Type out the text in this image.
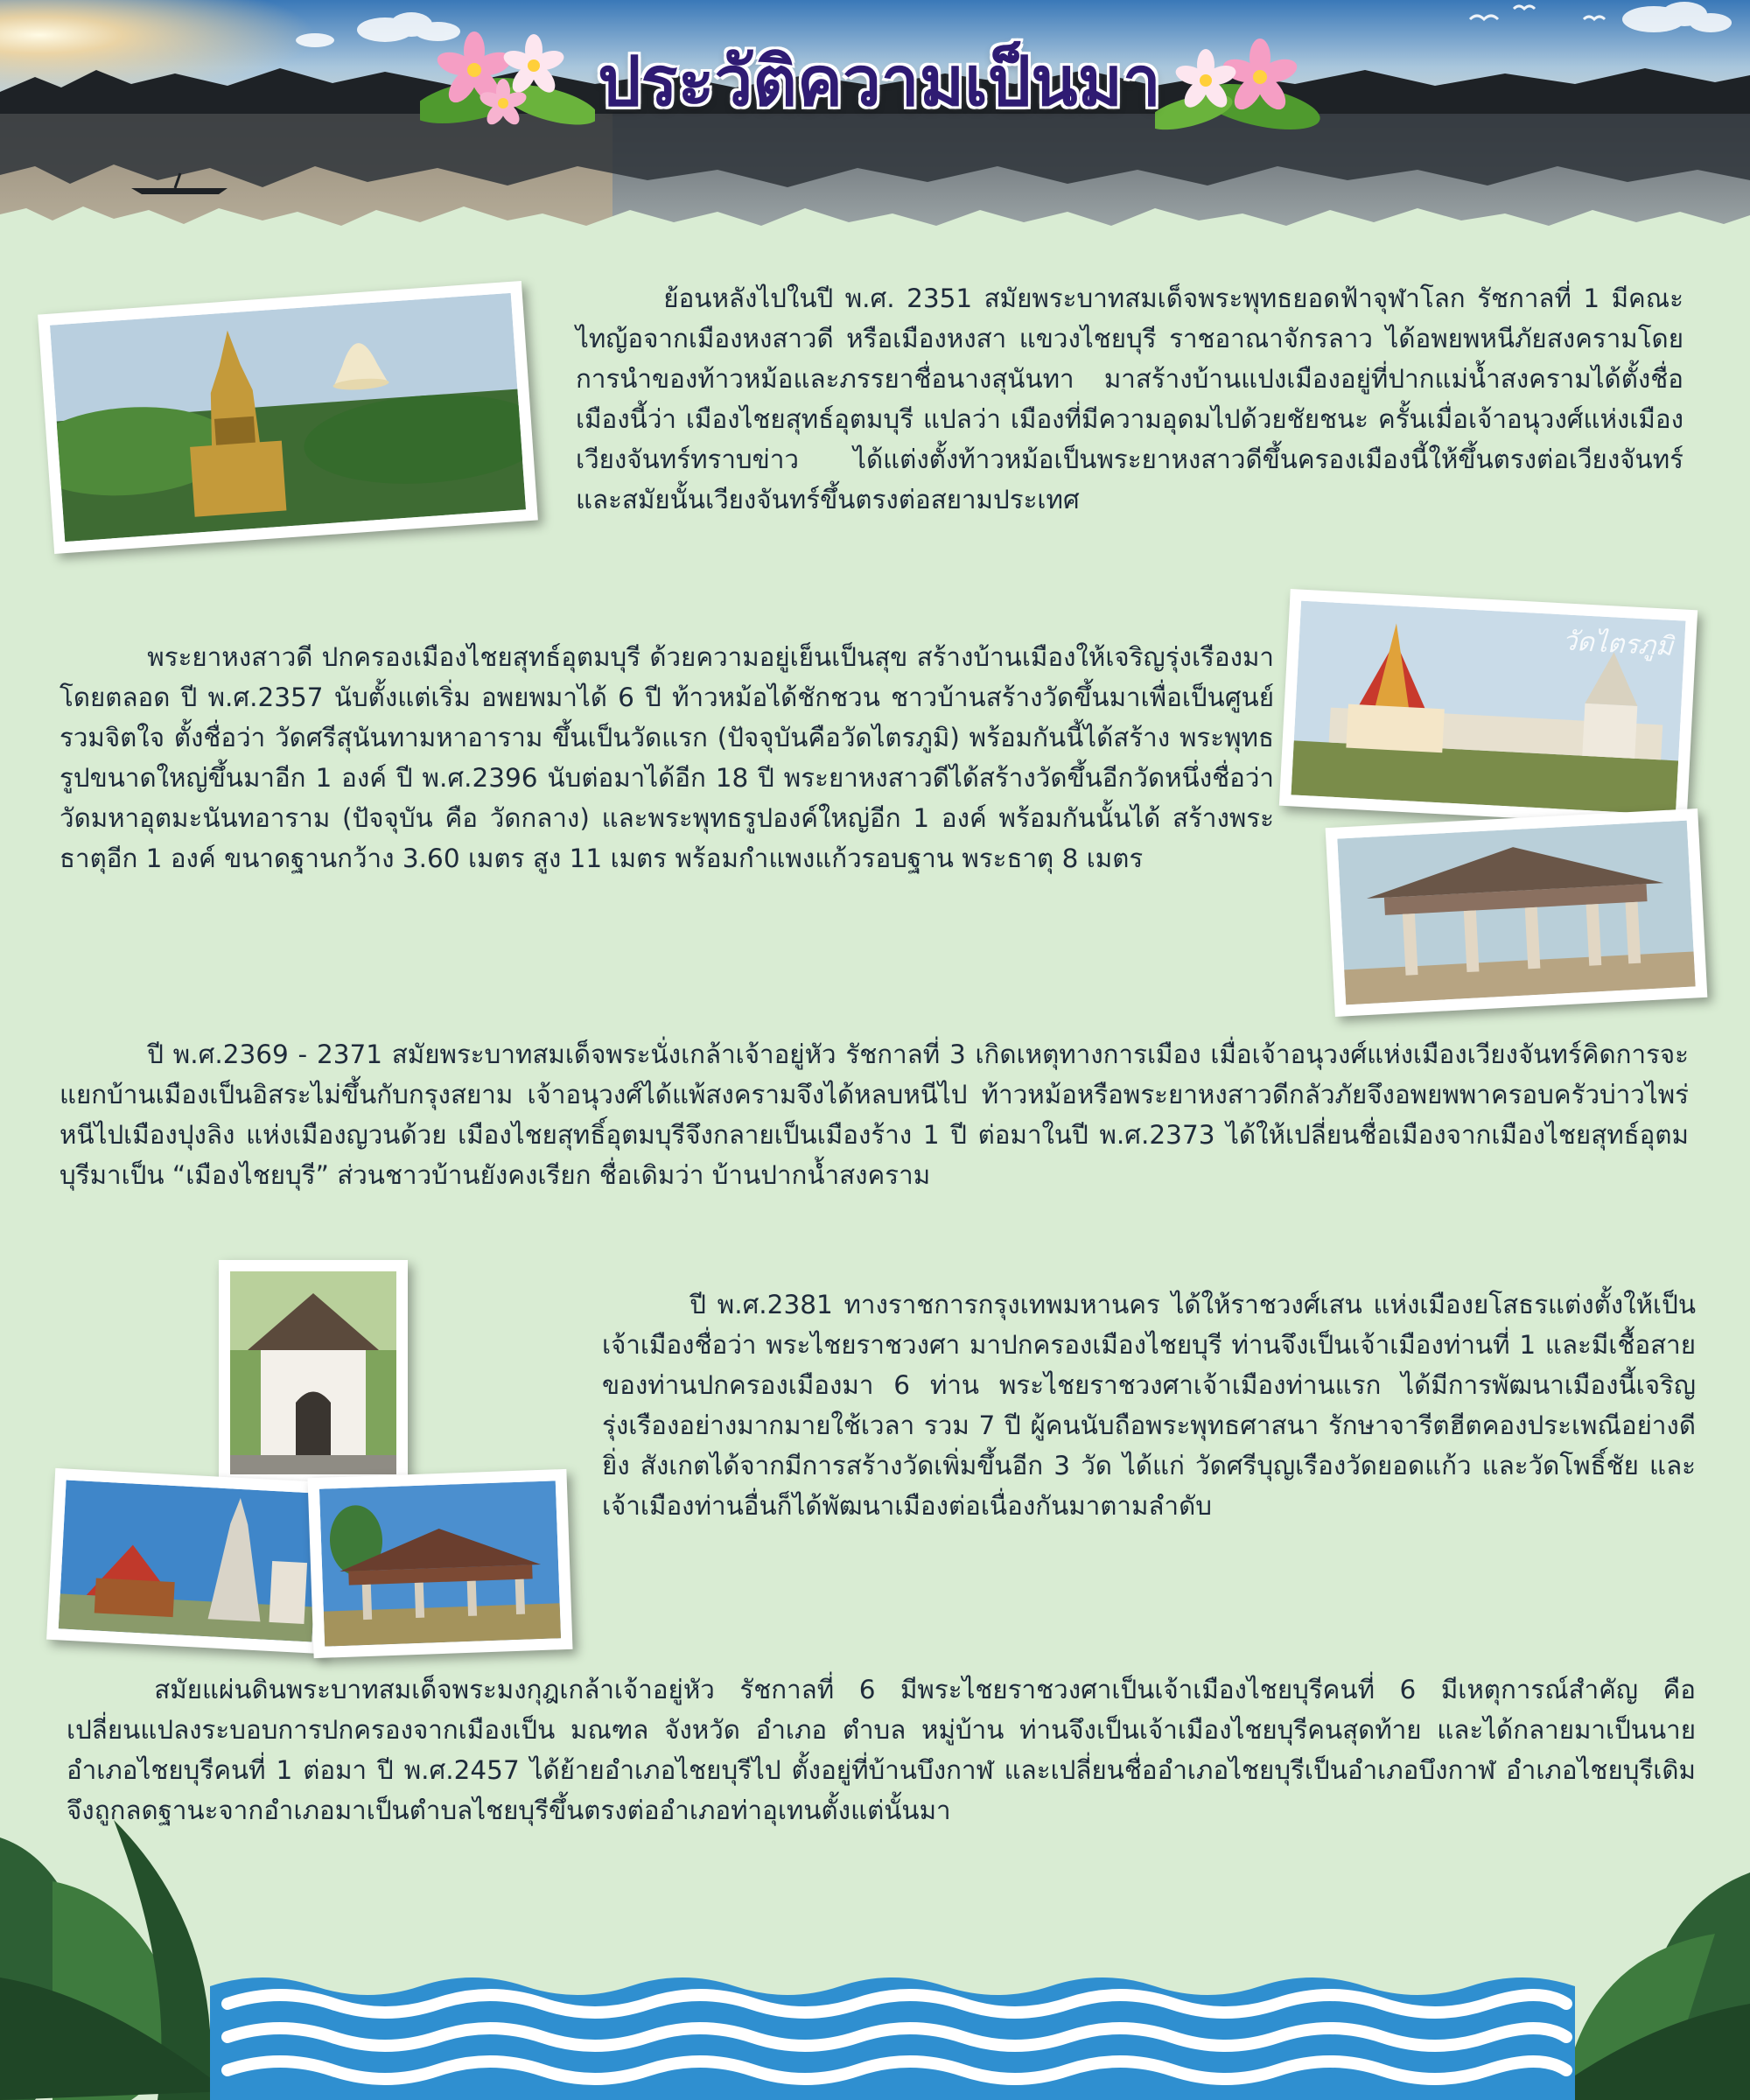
ประวัติความเป็นมา

ย้อนหลังไปในปี พ.ศ. 2351 สมัยพระบาทสมเด็จพระพุทธยอดฟ้าจุฬาโลก รัชกาลที่ 1 มีคณะไทญ้อจากเมืองหงสาวดี หรือเมืองหงสา แขวงไชยบุรี ราชอาณาจักรลาว ได้อพยพหนีภัยสงครามโดยการนำของท้าวหม้อและภรรยาชื่อนางสุนันทา มาสร้างบ้านแปงเมืองอยู่ที่ปากแม่น้ำสงครามได้ตั้งชื่อเมืองนี้ว่า เมืองไชยสุทธ์อุตมบุรี แปลว่า เมืองที่มีความอุดมไปด้วยชัยชนะ ครั้นเมื่อเจ้าอนุวงศ์แห่งเมืองเวียงจันทร์ทราบข่าว ได้แต่งตั้งท้าวหม้อเป็นพระยาหงสาวดีขึ้นครองเมืองนี้ให้ขึ้นตรงต่อเวียงจันทร์ และสมัยนั้นเวียงจันทร์ขึ้นตรงต่อสยามประเทศ

พระยาหงสาวดี ปกครองเมืองไชยสุทธ์อุตมบุรี ด้วยความอยู่เย็นเป็นสุข สร้างบ้านเมืองให้เจริญรุ่งเรืองมาโดยตลอด ปี พ.ศ.2357 นับตั้งแต่เริ่ม อพยพมาได้ 6 ปี ท้าวหม้อได้ชักชวน ชาวบ้านสร้างวัดขึ้นมาเพื่อเป็นศูนย์รวมจิตใจ ตั้งชื่อว่า วัดศรีสุนันทามหาอาราม ขึ้นเป็นวัดแรก (ปัจจุบันคือวัดไตรภูมิ) พร้อมกันนี้ได้สร้าง พระพุทธรูปขนาดใหญ่ขึ้นมาอีก 1 องค์ ปี พ.ศ.2396 นับต่อมาได้อีก 18 ปี พระยาหงสาวดีได้สร้างวัดขึ้นอีกวัดหนึ่งชื่อว่า วัดมหาอุตมะนันทอาราม (ปัจจุบัน คือ วัดกลาง) และพระพุทธรูปองค์ใหญ่อีก 1 องค์ พร้อมกันนั้นได้ สร้างพระธาตุอีก 1 องค์ ขนาดฐานกว้าง 3.60 เมตร สูง 11 เมตร พร้อมกำแพงแก้วรอบฐาน พระธาตุ 8 เมตร

วัดไตรภูมิ

ปี พ.ศ.2369 - 2371 สมัยพระบาทสมเด็จพระนั่งเกล้าเจ้าอยู่หัว รัชกาลที่ 3 เกิดเหตุทางการเมือง เมื่อเจ้าอนุวงศ์แห่งเมืองเวียงจันทร์คิดการจะแยกบ้านเมืองเป็นอิสระไม่ขึ้นกับกรุงสยาม เจ้าอนุวงศ์ได้แพ้สงครามจึงได้หลบหนีไป ท้าวหม้อหรือพระยาหงสาวดีกลัวภัยจึงอพยพพาครอบครัวบ่าวไพร่หนีไปเมืองปุงลิง แห่งเมืองญวนด้วย เมืองไชยสุทธิ์อุตมบุรีจึงกลายเป็นเมืองร้าง 1 ปี ต่อมาในปี พ.ศ.2373 ได้ให้เปลี่ยนชื่อเมืองจากเมืองไชยสุทธ์อุตมบุรีมาเป็น “เมืองไชยบุรี” ส่วนชาวบ้านยังคงเรียก ชื่อเดิมว่า บ้านปากน้ำสงคราม

ปี พ.ศ.2381 ทางราชการกรุงเทพมหานคร ได้ให้ราชวงศ์เสน แห่งเมืองยโสธรแต่งตั้งให้เป็นเจ้าเมืองชื่อว่า พระไชยราชวงศา มาปกครองเมืองไชยบุรี ท่านจึงเป็นเจ้าเมืองท่านที่ 1 และมีเชื้อสายของท่านปกครองเมืองมา 6 ท่าน พระไชยราชวงศาเจ้าเมืองท่านแรก ได้มีการพัฒนาเมืองนี้เจริญรุ่งเรืองอย่างมากมายใช้เวลา รวม 7 ปี ผู้คนนับถือพระพุทธศาสนา รักษาจารีตฮีตคองประเพณีอย่างดียิ่ง สังเกตได้จากมีการสร้างวัดเพิ่มขึ้นอีก 3 วัด ได้แก่ วัดศรีบุญเรืองวัดยอดแก้ว และวัดโพธิ์ชัย และเจ้าเมืองท่านอื่นก็ได้พัฒนาเมืองต่อเนื่องกันมาตามลำดับ

สมัยแผ่นดินพระบาทสมเด็จพระมงกุฎเกล้าเจ้าอยู่หัว รัชกาลที่ 6 มีพระไชยราชวงศาเป็นเจ้าเมืองไชยบุรีคนที่ 6 มีเหตุการณ์สำคัญ คือ เปลี่ยนแปลงระบอบการปกครองจากเมืองเป็น มณฑล จังหวัด อำเภอ ตำบล หมู่บ้าน ท่านจึงเป็นเจ้าเมืองไชยบุรีคนสุดท้าย และได้กลายมาเป็นนายอำเภอไชยบุรีคนที่ 1 ต่อมา ปี พ.ศ.2457 ได้ย้ายอำเภอไชยบุรีไป ตั้งอยู่ที่บ้านบึงกาฬ และเปลี่ยนชื่ออำเภอไชยบุรีเป็นอำเภอบึงกาฬ อำเภอไชยบุรีเดิมจึงถูกลดฐานะจากอำเภอมาเป็นตำบลไชยบุรีขึ้นตรงต่ออำเภอท่าอุเทนตั้งแต่นั้นมา
